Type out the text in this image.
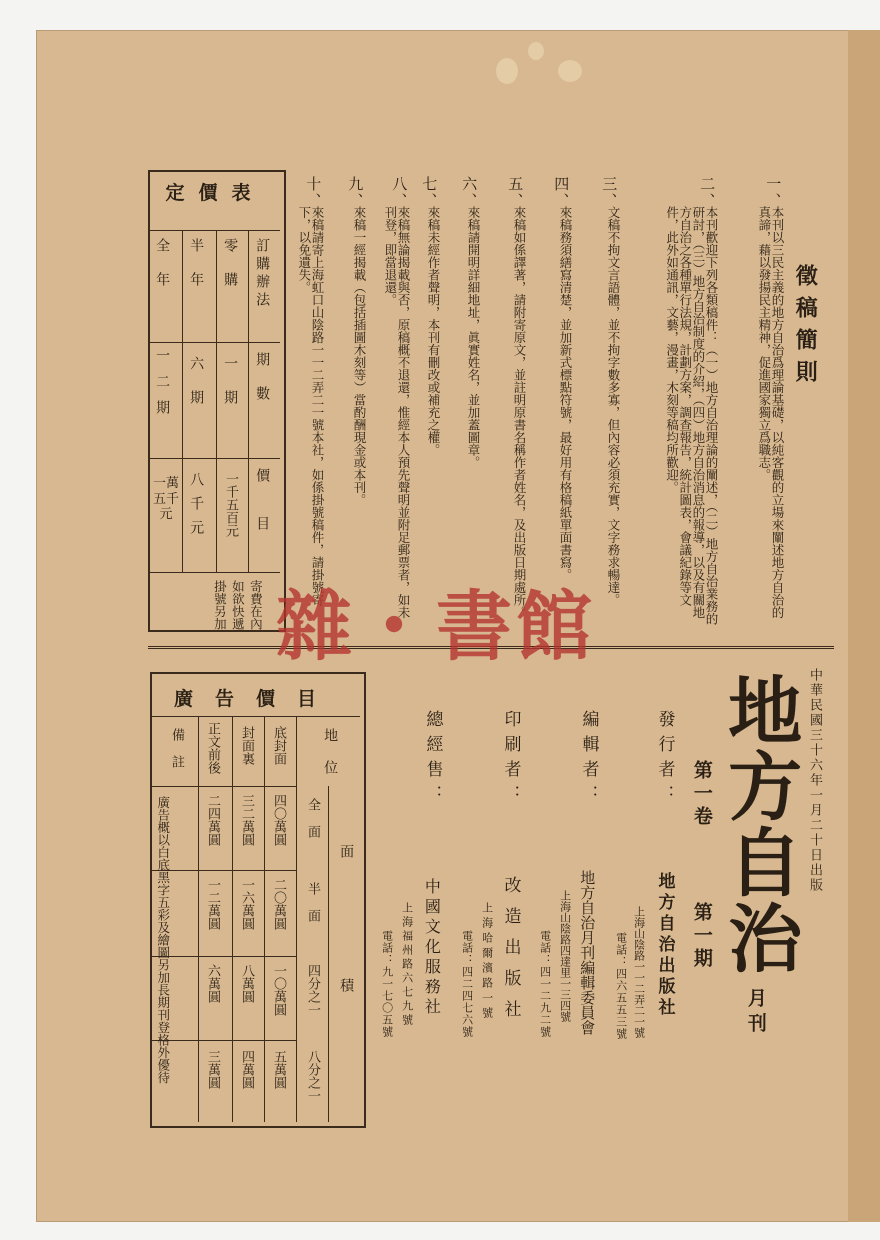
徵稿簡則
一、
本刊以三民主義的地方自治爲理論基礎，以純客觀的立場來闡述地方自治的真諦，藉以發揚民主精神，促進國家獨立爲職志。
二、
本刊歡迎下列各類稿件：（一）地方自治理論的闡述，（二）地方自治業務的研討，（三）地方自治制度的介紹，（四）地方自治消息的報導，以及有關地方自治之各種單行法規，計劃方案，調查報告，統計圖表，會議紀錄等文件，此外如通訊，文藝，漫畫，木刻等稿均所歡迎。
三、
文稿不拘文言語體，並不拘字數多寡，但內容必須充實，文字務求暢達。
四、
來稿務須繕寫清楚，並加新式標點符號，最好用有格稿紙單面書寫。
五、
來稿如係譯著，請附寄原文，並註明原書名稱作者姓名，及出版日期處所。
六、
來稿請開明詳細地址，眞實姓名，並加蓋圖章。
七、
來稿未經作者聲明，本刊有刪改或補充之權。
八、
來稿無論揭載與否，原稿概不退還，惟經本人預先聲明並附足郵票者，如未刊登，即當退還。
九、
來稿一經揭載（包括插圖木刻等）當酌酬現金或本刊。
十、
來稿請寄上海虹口山陰路一一二弄二一號本社，如係掛號稿件，請掛號寄下，以免遺失。
定價表
訂購辦法
期數
價目
零購
一期
一千五百元
半年
六期
八千元
全年
一二期
一萬五千元
寄費在內
如欲快遞
掛號另加
廣告價目
地位
面積
全面
半面
四分之一
八分之一
底封面
四〇萬圓
二〇萬圓
一〇萬圓
五萬圓
封面裏
三二萬圓
一六萬圓
八萬圓
四萬圓
正文前後
二四萬圓
一二萬圓
六萬圓
三萬圓
備註
廣告概以白底黑字五彩及繪圖另加長期刊登格外優待
中華民國三十六年一月二十日出版
地方自治
月刊
第一卷
第一期
發行者：
地方自治出版社
上海山陰路一一二弄二一號
電話：四六五五三號
編輯者：
地方自治月刊編輯委員會
上海山陰路四達里一三四號
電話：四一二九二號
印刷者：
改造出版社
上海哈爾濱路一號
電話：四二四七六號
總經售：
中國文化服務社
上海福州路六七九號
電話：九一七〇五號
雜・書館
